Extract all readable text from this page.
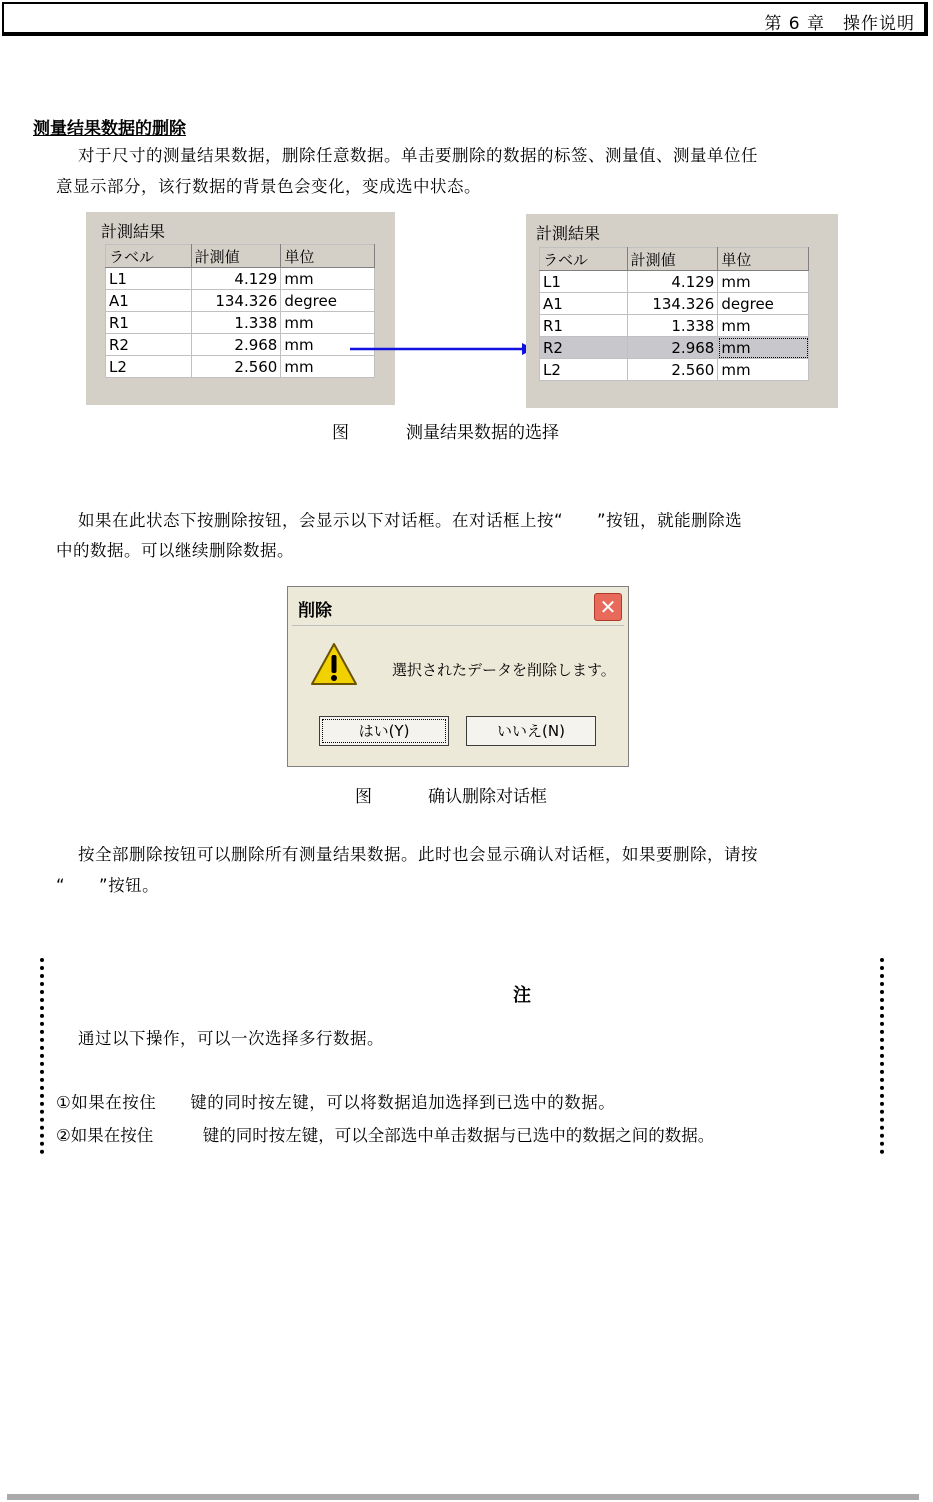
第 6 章　操作说明
测量结果数据的删除
对于尺寸的测量结果数据，删除任意数据。单击要删除的数据的标签、测量值、测量单位任
意显示部分，该行数据的背景色会变化，变成选中状态。
計測結果
ラベル	計測値	単位
L1	4.129	mm
A1	134.326	degree
R1	1.338	mm
R2	2.968	mm
L2	2.560	mm
計測結果
ラベル	計測値	単位
L1	4.129	mm
A1	134.326	degree
R1	1.338	mm
R2	2.968	mm
L2	2.560	mm
图	测量结果数据的选择
如果在此状态下按删除按钮，会显示以下对话框。在对话框上按“　　”按钮，就能删除选
中的数据。可以继续删除数据。
削除	✕
選択されたデータを削除します。
はい(Y)	いいえ(N)
图	确认删除对话框
按全部删除按钮可以删除所有测量结果数据。此时也会显示确认对话框，如果要删除，请按
“　　”按钮。
注
通过以下操作，可以一次选择多行数据。
①如果在按住　　键的同时按左键，可以将数据追加选择到已选中的数据。
②如果在按住　　　键的同时按左键，可以全部选中单击数据与已选中的数据之间的数据。
